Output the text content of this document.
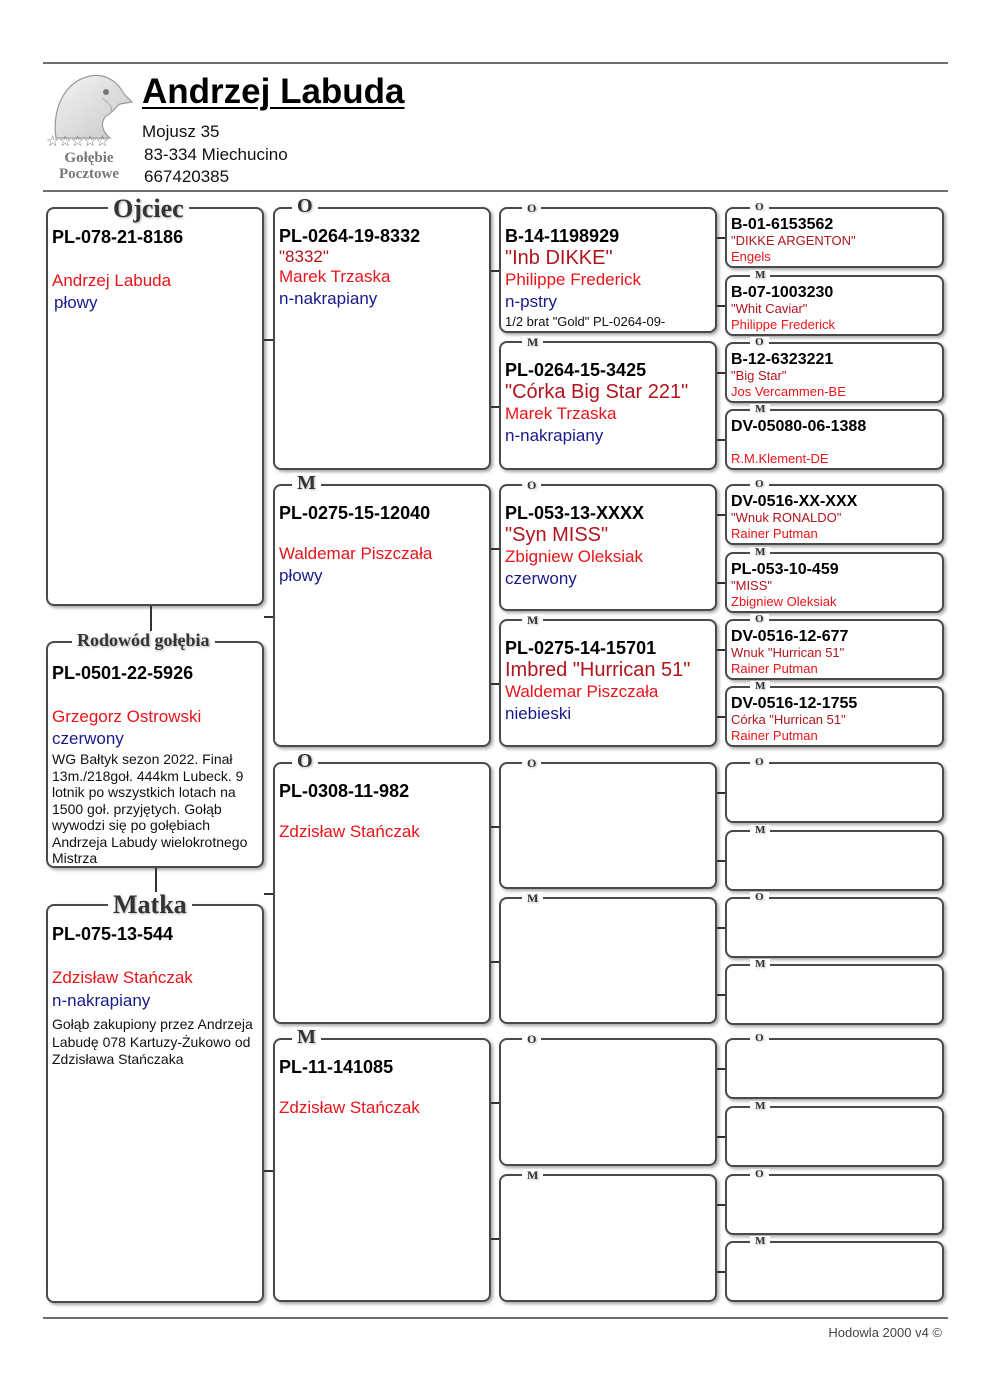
☆☆☆☆☆
Gołębie
Pocztowe
Andrzej Labuda
Mojusz 35
83-334 Miechucino
667420385
PL-078-21-8186
Andrzej Labuda
płowy
Ojciec
PL-0501-22-5926
Grzegorz Ostrowski
czerwony
WG Bałtyk sezon 2022. Finał 13m./218goł. 444km Lubeck. 9 lotnik po wszystkich lotach na 1500 goł. przyjętych. Gołąb wywodzi się po gołębiach Andrzeja Labudy wielokrotnego Mistrza
Rodowód gołębia
PL-075-13-544
Zdzisław Stańczak
n-nakrapiany
Gołąb zakupiony przez Andrzeja Labudę 078 Kartuzy-Żukowo od Zdzisława Stańczaka
Matka
PL-0264-19-8332
"8332"
Marek Trzaska
n-nakrapiany
O
PL-0275-15-12040
Waldemar Piszczała
płowy
M
PL-0308-11-982
Zdzisław Stańczak
O
PL-11-141085
Zdzisław Stańczak
M
B-14-1198929
"Inb DIKKE"
Philippe Frederick
n-pstry
1/2 brat "Gold" PL-0264-09-
O
PL-0264-15-3425
"Córka Big Star 221"
Marek Trzaska
n-nakrapiany
M
PL-053-13-XXXX
"Syn MISS"
Zbigniew Oleksiak
czerwony
O
PL-0275-14-15701
Imbred "Hurrican 51"
Waldemar Piszczała
niebieski
M
O
M
O
M
B-01-6153562
"DIKKE ARGENTON"
Engels
O
B-07-1003230
"Whit Caviar"
Philippe Frederick
M
B-12-6323221
"Big Star"
Jos Vercammen-BE
O
DV-05080-06-1388
R.M.Klement-DE
M
DV-0516-XX-XXX
"Wnuk RONALDO"
Rainer Putman
O
PL-053-10-459
"MISS"
Zbigniew Oleksiak
M
DV-0516-12-677
Wnuk "Hurrican 51"
Rainer Putman
O
DV-0516-12-1755
Córka "Hurrican 51"
Rainer Putman
M
O
M
O
M
O
M
O
M
Hodowla 2000 v4 ©
